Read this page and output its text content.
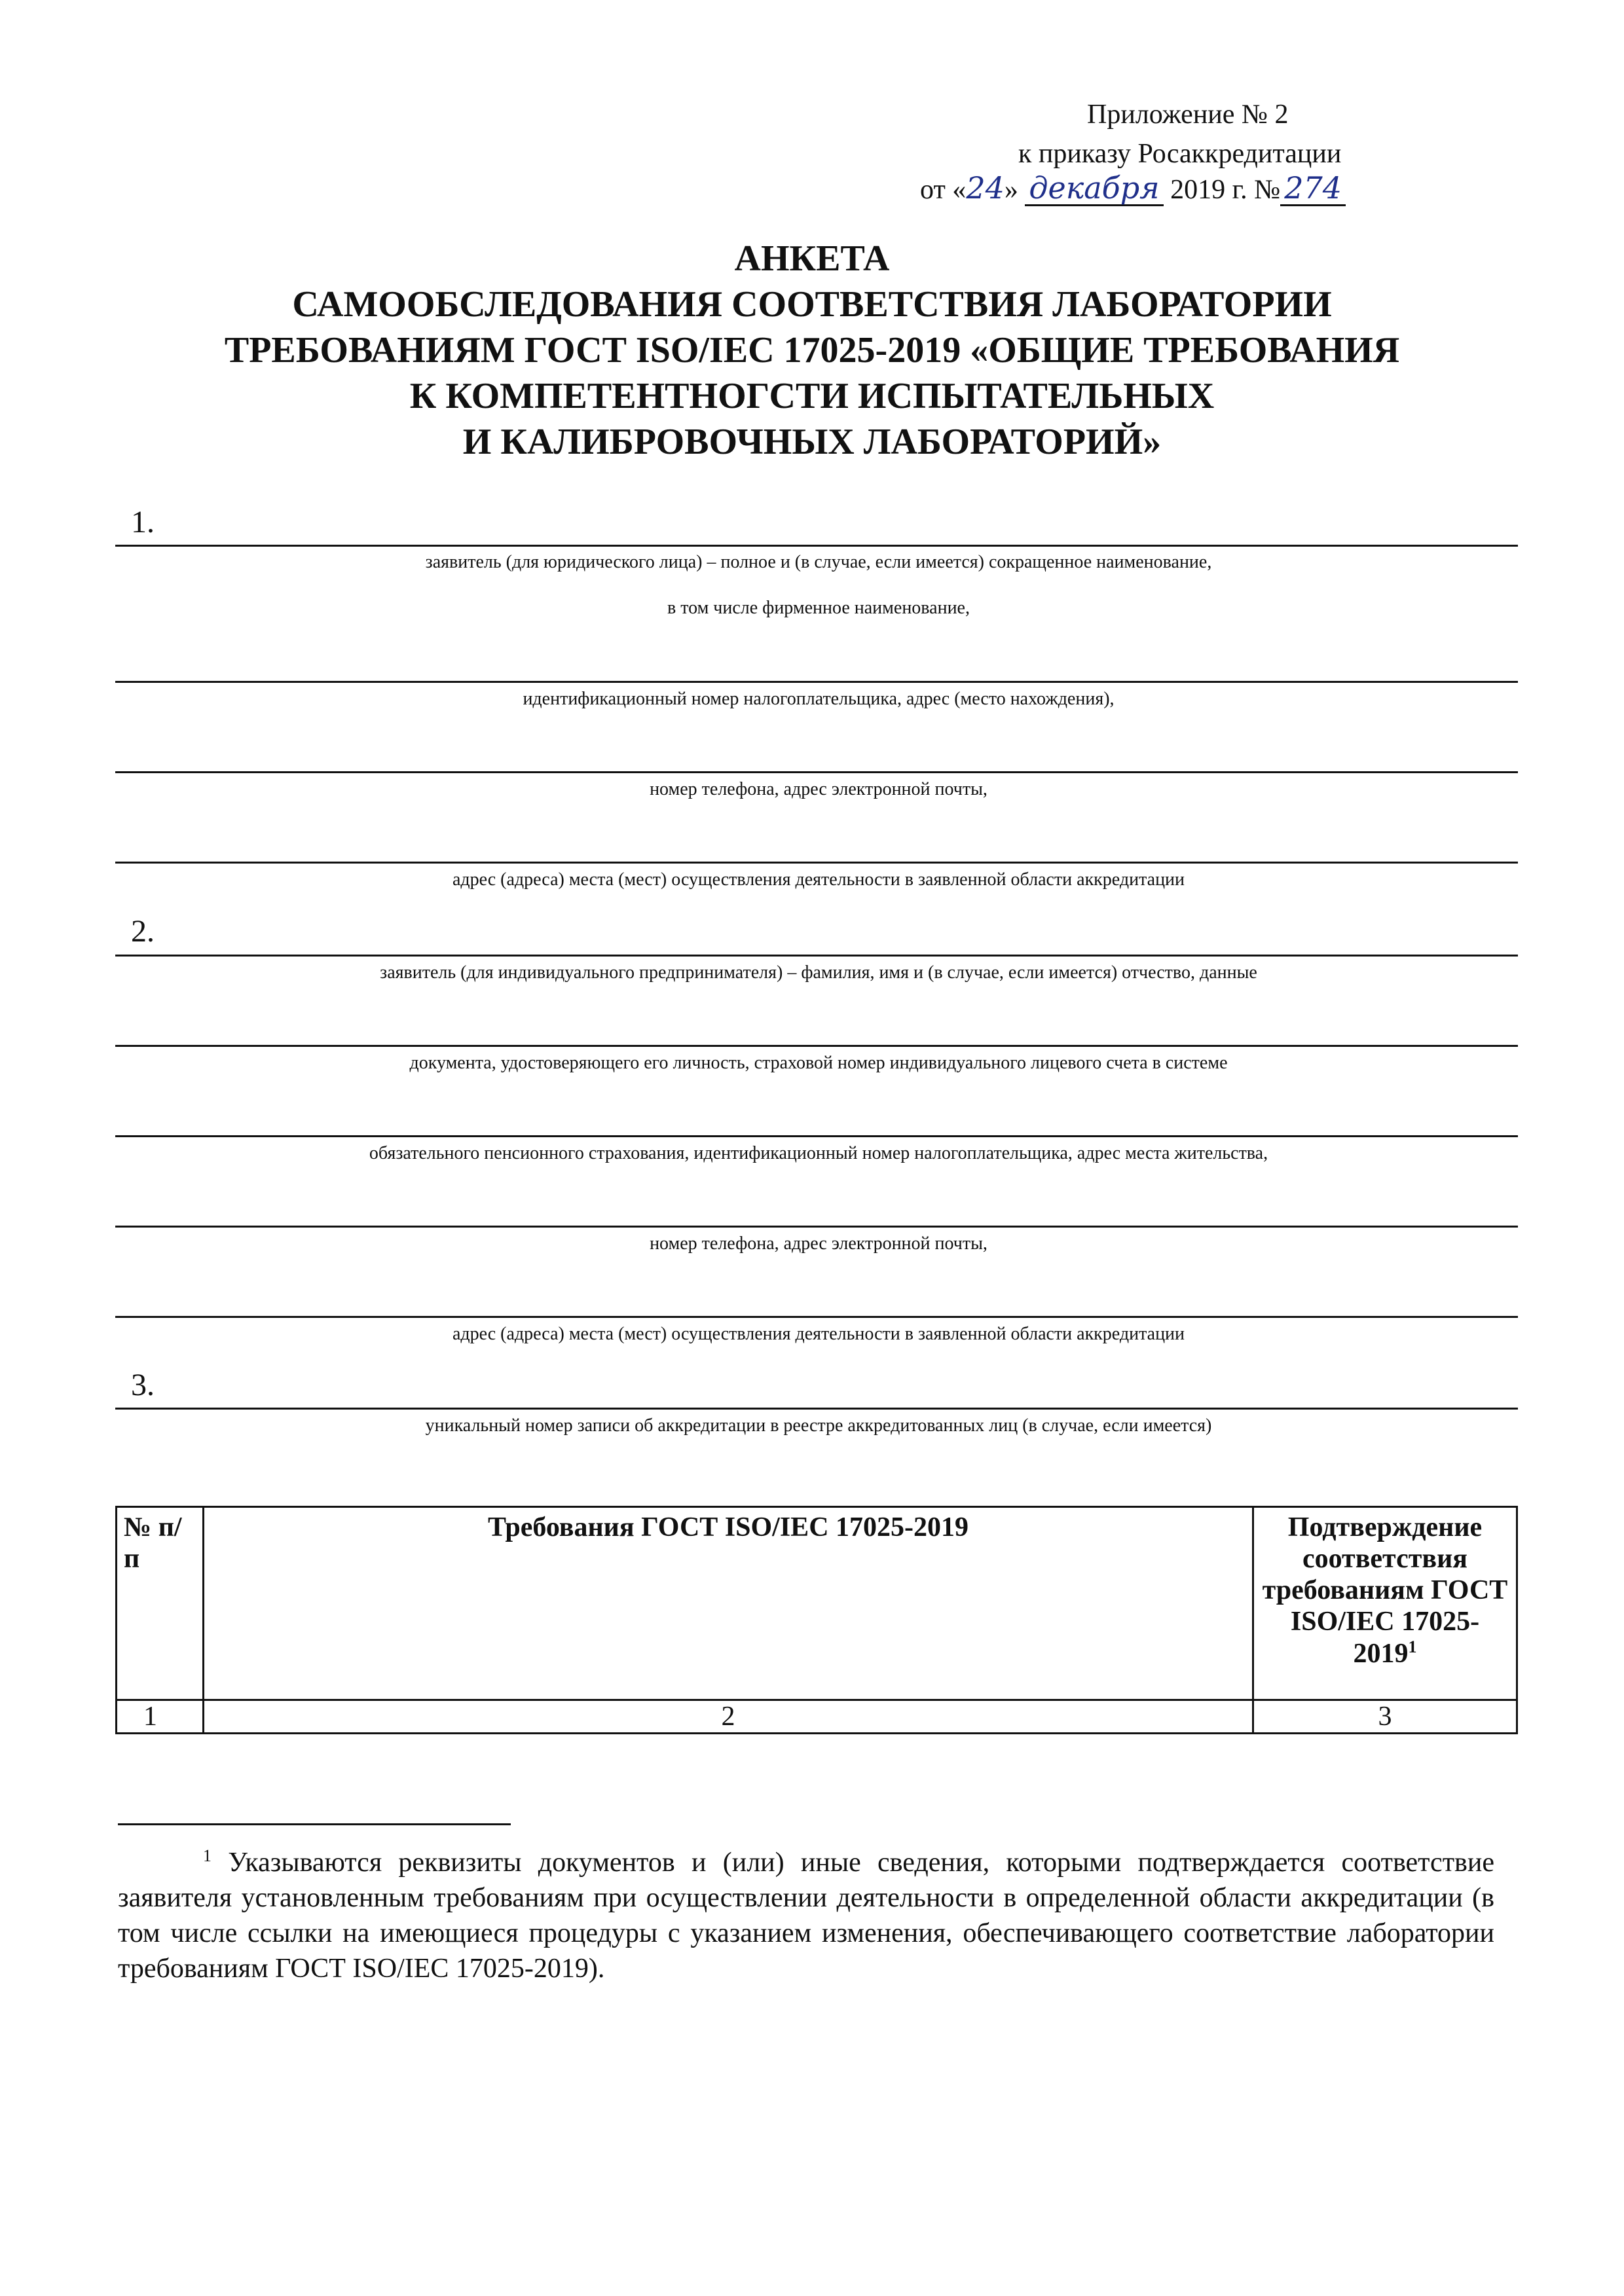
Приложение № 2
к приказу Росаккредитации
от «24» декабря 2019 г. № 274
АНКЕТА
САМООБСЛЕДОВАНИЯ СООТВЕТСТВИЯ ЛАБОРАТОРИИ
ТРЕБОВАНИЯМ ГОСТ ISO/IEC 17025-2019 «ОБЩИЕ ТРЕБОВАНИЯ
К КОМПЕТЕНТНОГСТИ ИСПЫТАТЕЛЬНЫХ
И КАЛИБРОВОЧНЫХ ЛАБОРАТОРИЙ»
1.
заявитель (для юридического лица) – полное и (в случае, если имеется) сокращенное наименование,
в том числе фирменное наименование,
идентификационный номер налогоплательщика, адрес (место нахождения),
номер телефона, адрес электронной почты,
адрес (адреса) места (мест) осуществления деятельности в заявленной области аккредитации
2.
заявитель (для индивидуального предпринимателя) – фамилия, имя и (в случае, если имеется) отчество, данные
документа, удостоверяющего его личность, страховой номер индивидуального лицевого счета в системе
обязательного пенсионного страхования, идентификационный номер налогоплательщика, адрес места жительства,
номер телефона, адрес электронной почты,
адрес (адреса) места (мест) осуществления деятельности в заявленной области аккредитации
3.
уникальный номер записи об аккредитации в реестре аккредитованных лиц (в случае, если имеется)
№ п/п	Требования ГОСТ ISO/IEC 17025-2019	Подтверждение соответствия требованиям ГОСТ ISO/IEC 17025-2019$^1$
1	2	3
$^1$ Указываются реквизиты документов и (или) иные сведения, которыми подтверждается соответствие заявителя установленным требованиям при осуществлении деятельности в определенной области аккредитации (в том числе ссылки на имеющиеся процедуры с указанием изменения, обеспечивающего соответствие лаборатории требованиям ГОСТ ISO/IEC 17025-2019).
